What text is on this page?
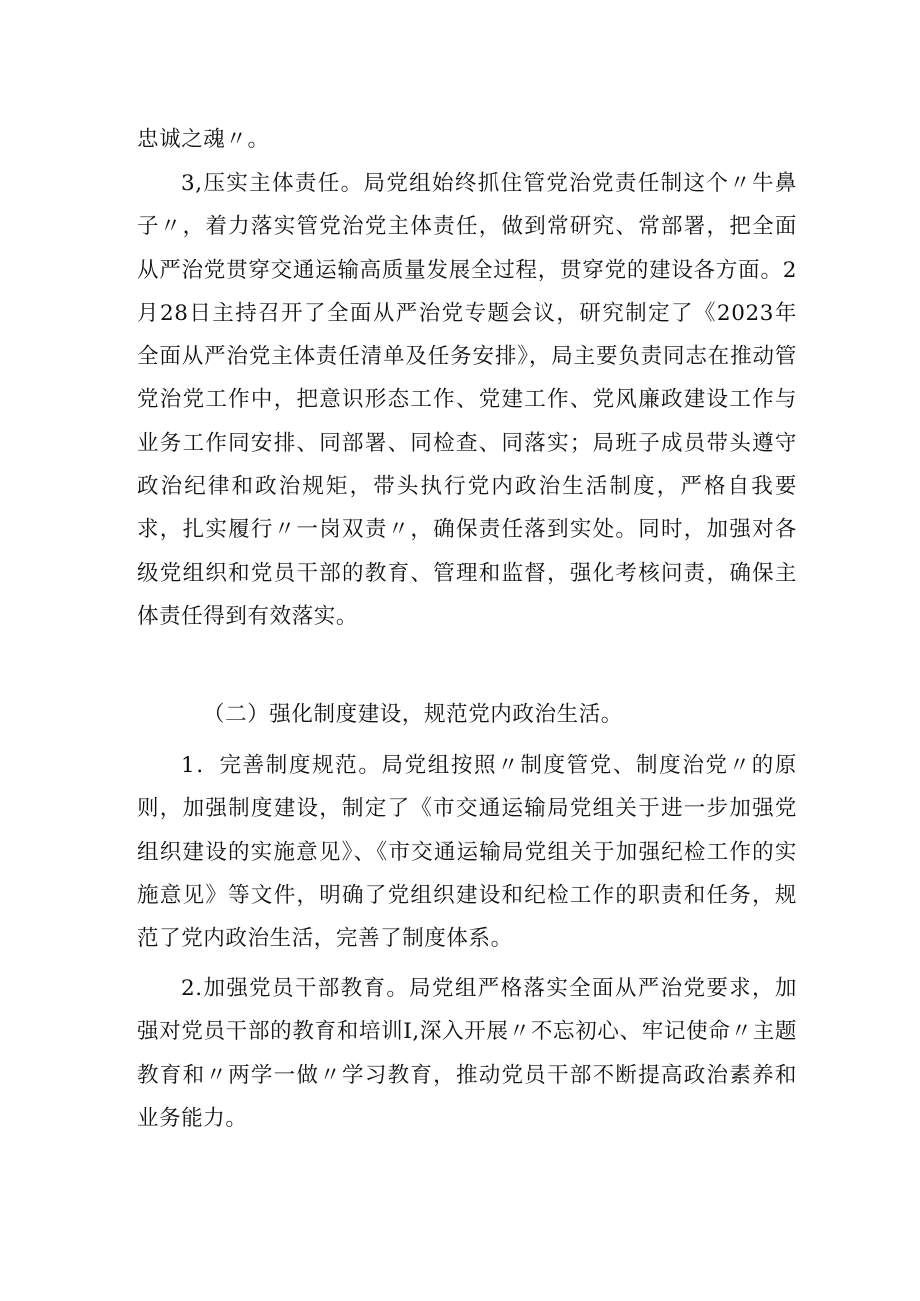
忠诚之魂〃。

3,压实主体责任。局党组始终抓住管党治党责任制这个〃牛鼻子〃，着力落实管党治党主体责任，做到常研究、常部署，把全面从严治党贯穿交通运输高质量发展全过程，贯穿党的建设各方面。2月28日主持召开了全面从严治党专题会议，研究制定了《2023年全面从严治党主体责任清单及任务安排》，局主要负责同志在推动管党治党工作中，把意识形态工作、党建工作、党风廉政建设工作与业务工作同安排、同部署、同检查、同落实；局班子成员带头遵守政治纪律和政治规矩，带头执行党内政治生活制度，严格自我要求，扎实履行〃一岗双责〃，确保责任落到实处。同时，加强对各级党组织和党员干部的教育、管理和监督，强化考核问责，确保主体责任得到有效落实。

（二）强化制度建设，规范党内政治生活。

1．完善制度规范。局党组按照〃制度管党、制度治党〃的原则，加强制度建设，制定了《市交通运输局党组关于进一步加强党组织建设的实施意见》、《市交通运输局党组关于加强纪检工作的实施意见》等文件，明确了党组织建设和纪检工作的职责和任务，规范了党内政治生活，完善了制度体系。

2.加强党员干部教育。局党组严格落实全面从严治党要求，加强对党员干部的教育和培训I,深入开展〃不忘初心、牢记使命〃主题教育和〃两学一做〃学习教育，推动党员干部不断提高政治素养和业务能力。
